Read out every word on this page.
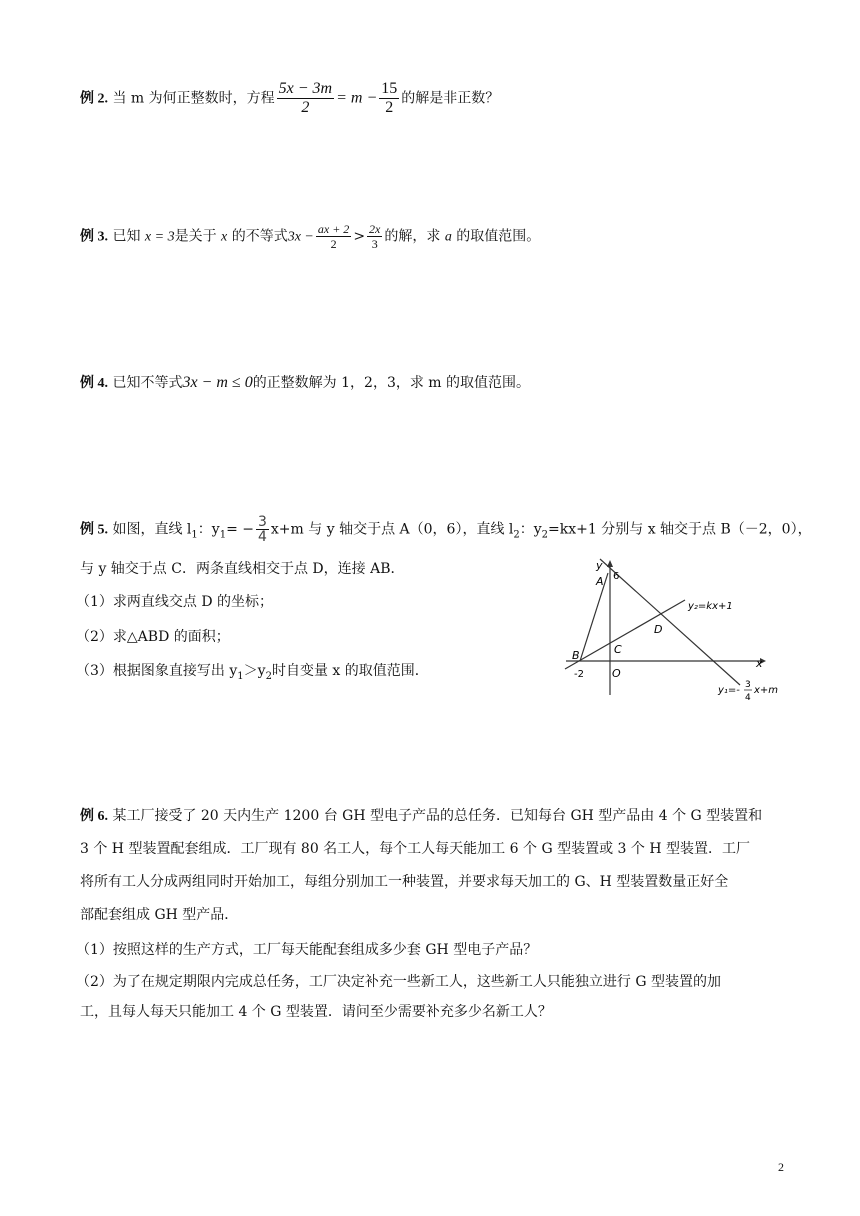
例 2. 当 m 为何正整数时，方程 $\frac{5x - 3m}{2} = m - \frac{15}{2}$ 的解是非正数？
例 3. 已知 x = 3是关于 x 的不等式$3x - \frac{ax + 2}{2} > \frac{2x}{3}$ 的解，求 a 的取值范围。
例 4. 已知不等式3x − m ≤ 0的正整数解为 1，2，3，求 m 的取值范围。
例 5. 如图，直线 $l_1$：$y_1= - \frac{3}{4} x+m$ 与 y 轴交于点 A（0，6），直线 $l_2$：$y_2=kx+1$ 分别与 x 轴交于点 B（－2，0），
与 y 轴交于点 C．两条直线相交于点 D，连接 AB．
（1）求两直线交点 D 的坐标；
（2）求△ABD 的面积；
（3）根据图象直接写出 $y_1>y_2$时自变量 x 的取值范围．
y
x
A 6
B	C
D
O
-2
y₂=kx+1
y₁=- 3
4
x+m
例 6. 某工厂接受了 20 天内生产 1200 台 GH 型电子产品的总任务．已知每台 GH 型产品由 4 个 G 型装置和
3 个 H 型装置配套组成．工厂现有 80 名工人，每个工人每天能加工 6 个 G 型装置或 3 个 H 型装置．工厂
将所有工人分成两组同时开始加工，每组分别加工一种装置，并要求每天加工的 G、H 型装置数量正好全
部配套组成 GH 型产品．
（1）按照这样的生产方式，工厂每天能配套组成多少套 GH 型电子产品？
（2）为了在规定期限内完成总任务，工厂决定补充一些新工人，这些新工人只能独立进行 G 型装置的加
工，且每人每天只能加工 4 个 G 型装置．请问至少需要补充多少名新工人？
2
